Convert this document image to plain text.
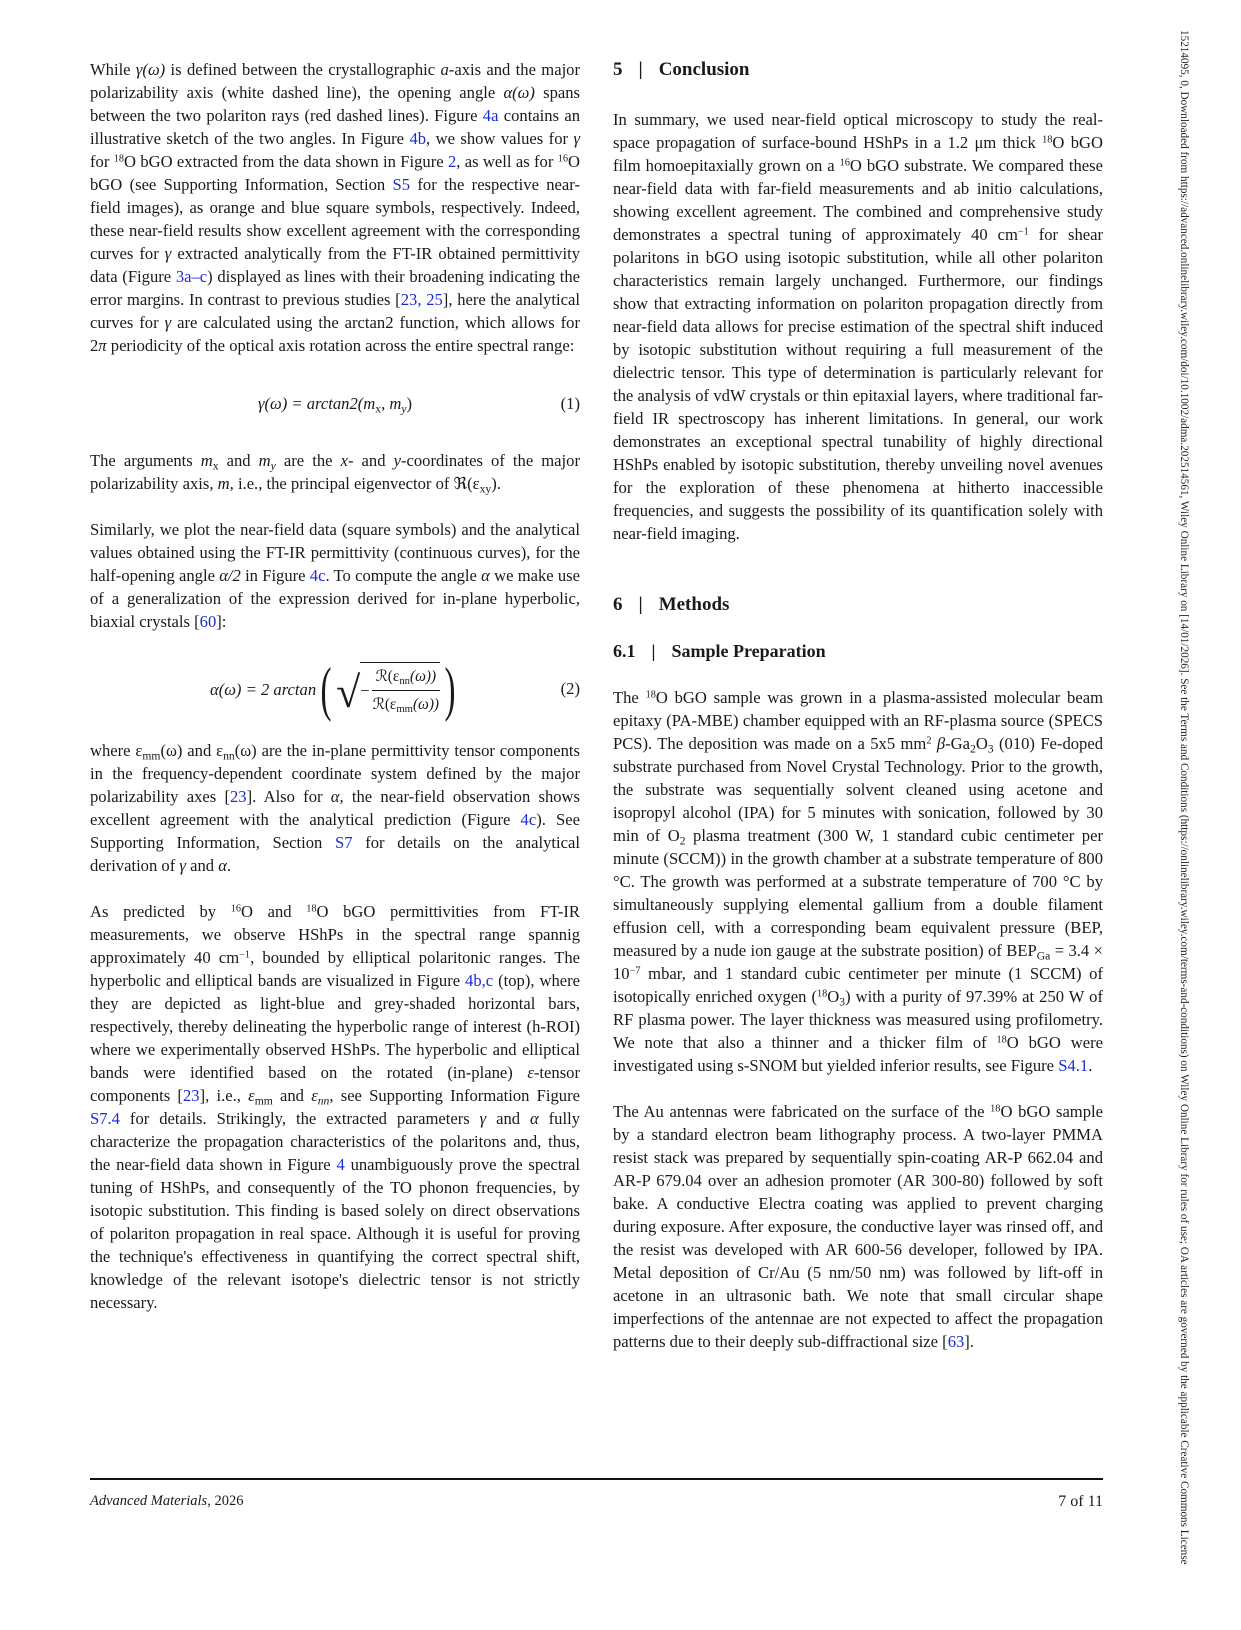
While γ(ω) is defined between the crystallographic a-axis and the major polarizability axis (white dashed line), the opening angle α(ω) spans between the two polariton rays (red dashed lines). Figure 4a contains an illustrative sketch of the two angles. In Figure 4b, we show values for γ for $^{18}$O bGO extracted from the data shown in Figure 2, as well as for $^{16}$O bGO (see Supporting Information, Section S5 for the respective near-field images), as orange and blue square symbols, respectively. Indeed, these near-field results show excellent agreement with the corresponding curves for γ extracted analytically from the FT-IR obtained permittivity data (Figure 3a–c) displayed as lines with their broadening indicating the error margins. In contrast to previous studies [23, 25], here the analytical curves for γ are calculated using the arctan2 function, which allows for 2π periodicity of the optical axis rotation across the entire spectral range:

$\gamma(\omega) = \arctan 2(m_x$, $m_y$)	(1)

The arguments $m_x$ and $m_y$ are the x- and y-coordinates of the major polarizability axis, m, i.e., the principal eigenvector of $ℜ(\varepsilon_{xy})$.

Similarly, we plot the near-field data (square symbols) and the analytical values obtained using the FT-IR permittivity (continuous curves), for the half-opening angle α/2 in Figure 4c. To compute the angle α we make use of a generalization of the expression derived for in-plane hyperbolic, biaxial crystals [60]:

α(ω) = 2 arctan ( √ − $\frac{ℛ(\varepsilon_{nn}(\omega))}{ℛ(\varepsilon_{mm}(\omega))}$ )	(2)

where $\varepsilon_{mm}(\omega)$ and $\varepsilon_{nn}(\omega)$ are the in-plane permittivity tensor components in the frequency-dependent coordinate system defined by the major polarizability axes [23]. Also for α, the near-field observation shows excellent agreement with the analytical prediction (Figure 4c). See Supporting Information, Section S7 for details on the analytical derivation of γ and α.

As predicted by $^{16}$O and $^{18}$O bGO permittivities from FT-IR measurements, we observe HShPs in the spectral range spannig approximately 40 $cm^{-1}$, bounded by elliptical polaritonic ranges. The hyperbolic and elliptical bands are visualized in Figure 4b,c (top), where they are depicted as light-blue and grey-shaded horizontal bars, respectively, thereby delineating the hyperbolic range of interest (h-ROI) where we experimentally observed HShPs. The hyperbolic and elliptical bands were identified based on the rotated (in-plane) ε-tensor components [23], i.e., $\varepsilon_{mm}$ and $\varepsilon_{nn}$, see Supporting Information Figure S7.4 for details. Strikingly, the extracted parameters γ and α fully characterize the propagation characteristics of the polaritons and, thus, the near-field data shown in Figure 4 unambiguously prove the spectral tuning of HShPs, and consequently of the TO phonon frequencies, by isotopic substitution. This finding is based solely on direct observations of polariton propagation in real space. Although it is useful for proving the technique's effectiveness in quantifying the correct spectral shift, knowledge of the relevant isotope's dielectric tensor is not strictly necessary.

5 | Conclusion

In summary, we used near-field optical microscopy to study the real-space propagation of surface-bound HShPs in a 1.2 μm thick $^{18}$O bGO film homoepitaxially grown on a $^{16}$O bGO substrate. We compared these near-field data with far-field measurements and ab initio calculations, showing excellent agreement. The combined and comprehensive study demonstrates a spectral tuning of approximately 40 $cm^{-1}$ for shear polaritons in bGO using isotopic substitution, while all other polariton characteristics remain largely unchanged. Furthermore, our findings show that extracting information on polariton propagation directly from near-field data allows for precise estimation of the spectral shift induced by isotopic substitution without requiring a full measurement of the dielectric tensor. This type of determination is particularly relevant for the analysis of vdW crystals or thin epitaxial layers, where traditional far-field IR spectroscopy has inherent limitations. In general, our work demonstrates an exceptional spectral tunability of highly directional HShPs enabled by isotopic substitution, thereby unveiling novel avenues for the exploration of these phenomena at hitherto inaccessible frequencies, and suggests the possibility of its quantification solely with near-field imaging.

6 | Methods
6.1 | Sample Preparation

The $^{18}$O bGO sample was grown in a plasma-assisted molecular beam epitaxy (PA-MBE) chamber equipped with an RF-plasma source (SPECS PCS). The deposition was made on a 5x5 $mm^2$ $\beta-Ga_2O_3$ (010) Fe-doped substrate purchased from Novel Crystal Technology. Prior to the growth, the substrate was sequentially solvent cleaned using acetone and isopropyl alcohol (IPA) for 5 minutes with sonication, followed by 30 min of $O_2$ plasma treatment (300 W, 1 standard cubic centimeter per minute (SCCM)) in the growth chamber at a substrate temperature of 800 °C. The growth was performed at a substrate temperature of 700 °C by simultaneously supplying elemental gallium from a double filament effusion cell, with a corresponding beam equivalent pressure (BEP, measured by a nude ion gauge at the substrate position) of $BEP_{Ga} = 3.4 \times 10^{-7}$ mbar, and 1 standard cubic centimeter per minute (1 SCCM) of isotopically enriched oxygen $(^{18}O_3)$ with a purity of 97.39% at 250 W of RF plasma power. The layer thickness was measured using profilometry. We note that also a thinner and a thicker film of $^{18}$O bGO were investigated using s-SNOM but yielded inferior results, see Figure S4.1.

The Au antennas were fabricated on the surface of the $^{18}$O bGO sample by a standard electron beam lithography process. A two-layer PMMA resist stack was prepared by sequentially spin-coating AR-P 662.04 and AR-P 679.04 over an adhesion promoter (AR 300-80) followed by soft bake. A conductive Electra coating was applied to prevent charging during exposure. After exposure, the conductive layer was rinsed off, and the resist was developed with AR 600-56 developer, followed by IPA. Metal deposition of Cr/Au (5 nm/50 nm) was followed by lift-off in acetone in an ultrasonic bath. We note that small circular shape imperfections of the antennae are not expected to affect the propagation patterns due to their deeply sub-diffractional size [63].

Advanced Materials, 2026	7 of 11	15214095, 0, Downloaded from https://advanced.onlinelibrary.wiley.com/doi/10.1002/adma.202514561, Wiley Online Library on [14/01/2026]. See the Terms and Conditions (https://onlinelibrary.wiley.com/terms-and-conditions) on Wiley Online Library for rules of use; OA articles are governed by the applicable Creative Commons License
